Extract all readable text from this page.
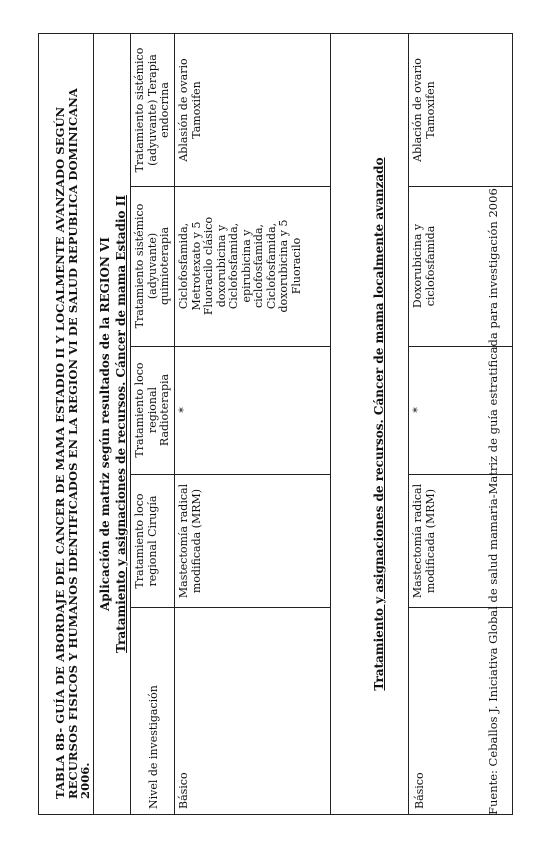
TABLA 8B- GUÍA DE ABORDAJE DEL CANCER DE MAMA ESTADIO II Y LOCALMENTE AVANZADO SEGÚN RECURSOS FISICOS Y HUMANOS IDENTIFICADOS EN LA REGION VI DE SALUD REPUBLICA DOMINICANA 2006.
Aplicación de matriz según resultados de la REGION VI Tratamiento y asignaciones de recursos. Cáncer de mama Estadio II
Nivel de investigación
Tratamiento loco regional Cirugía
Tratamiento loco regional Radioterapia
Tratamiento sistémico (adyuvante) quimioterapia
Tratamiento sistémico (adyuvante) Terapia endocrina
Básico
Mastectomía radical modificada (MRM)
*
Ciclofosfamida, Metrotexato y 5 Fluoracilo clásico doxorubicina y Ciclofosfamida, epirubicina y ciclofosfamida, Ciclofosfamida, doxorubicina y 5 Fluoracilo
Ablasión de ovario Tamoxifen
Tratamiento y asignaciones de recursos. Cáncer de mama localmente avanzado
Básico
Mastectomía radical modificada (MRM)
*
Doxorubicina y ciclofosfamida
Ablación de ovario Tamoxifen
Fuente: Ceballos J. Iniciativa Global de salud mamaria-Matriz de guía estratificada para investigación 2006
